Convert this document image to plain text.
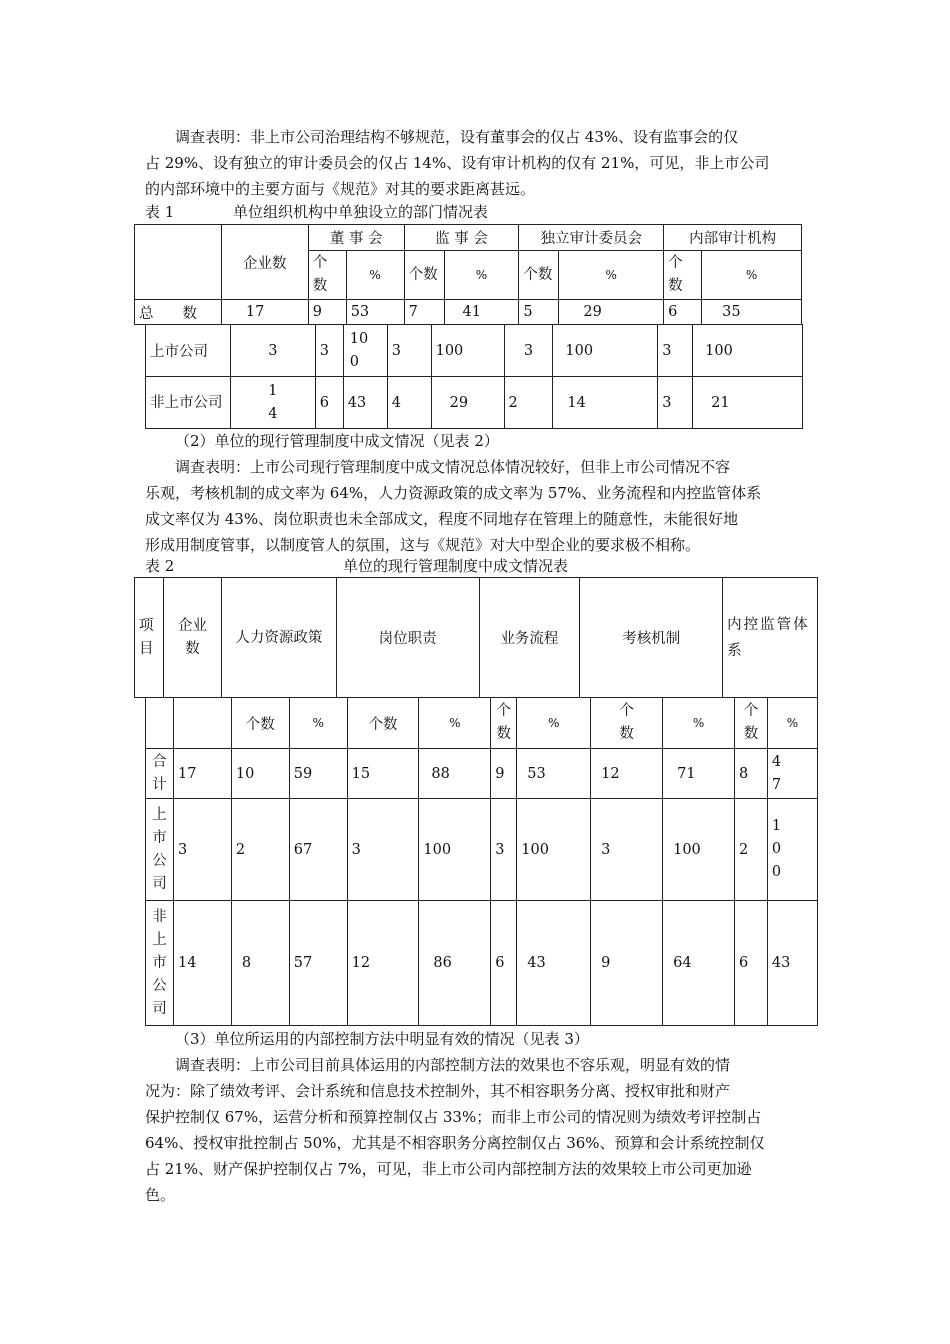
调查表明：非上市公司治理结构不够规范，设有董事会的仅占 43%、设有监事会的仅

占 29%、设有独立的审计委员会的仅占 14%、设有审计机构的仅有 21%，可见，非上市公司

的内部环境中的主要方面与《规范》对其的要求距离甚远。

表 1	单位组织机构中单独设立的部门情况表
	企业数	董 事 会		监 事 会		独立审计委员会		内部审计机构	
		个数	%	个数	%	个数	%	个数	%
总　　数	17	9	53	7	41	5	29	6	35
上市公司	3	3	100	3	100	3	100	3	100
非上市公司	14	6	43	4	29	2	14	3	21

（2）单位的现行管理制度中成文情况（见表 2）

调查表明：上市公司现行管理制度中成文情况总体情况较好，但非上市公司情况不容

乐观，考核机制的成文率为 64%，人力资源政策的成文率为 57%、业务流程和内控监管体系

成文率仅为 43%、岗位职责也未全部成文，程度不同地存在管理上的随意性，未能很好地

形成用制度管事，以制度管人的氛围，这与《规范》对大中型企业的要求极不相称。

表 2	单位的现行管理制度中成文情况表
项目	企业数	人力资源政策	岗位职责	业务流程	考核机制	内控监管体系
		个数	%	个数	%	个数	%	个数	%	个数	%
合计	17	10	59	15	88	9	53	12	71	8	47
上市公司	3	2	67	3	100	3	100	3	100	2	100
非上市公司	14	8	57	12	86	6	43	9	64	6	43

（3）单位所运用的内部控制方法中明显有效的情况（见表 3）

调查表明：上市公司目前具体运用的内部控制方法的效果也不容乐观，明显有效的情

况为：除了绩效考评、会计系统和信息技术控制外，其不相容职务分离、授权审批和财产

保护控制仅 67%，运营分析和预算控制仅占 33%；而非上市公司的情况则为绩效考评控制占

64%、授权审批控制占 50%，尤其是不相容职务分离控制仅占 36%、预算和会计系统控制仅

占 21%、财产保护控制仅占 7%，可见，非上市公司内部控制方法的效果较上市公司更加逊

色。
